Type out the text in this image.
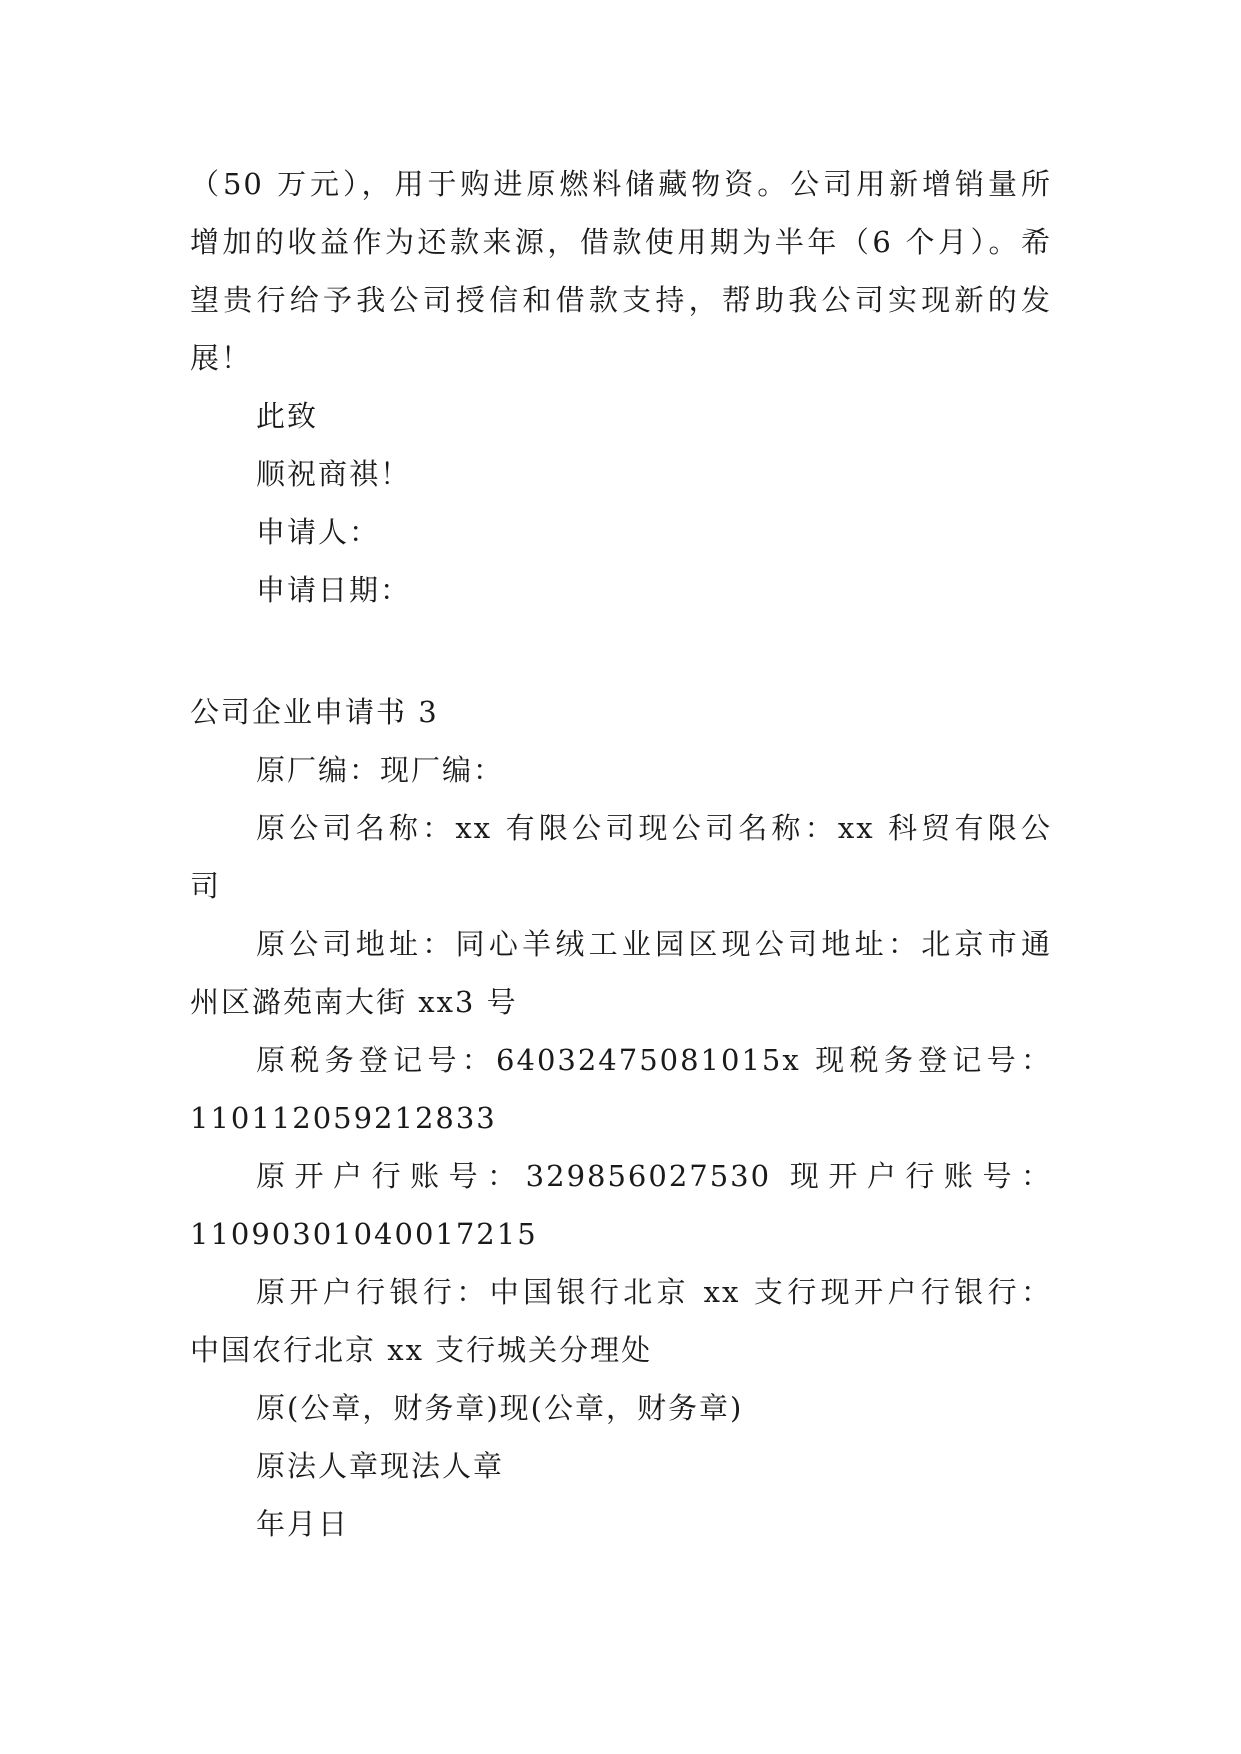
（50 万元），用于购进原燃料储藏物资。公司用新增销量所
增加的收益作为还款来源，借款使用期为半年（6 个月）。希
望贵行给予我公司授信和借款支持，帮助我公司实现新的发
展！
此致
顺祝商祺！
申请人：
申请日期：
公司企业申请书 3
原厂编：现厂编：
原公司名称：xx 有限公司现公司名称：xx 科贸有限公
司
原公司地址：同心羊绒工业园区现公司地址：北京市通
州区潞苑南大街 xx3 号
原税务登记号：64032475081015x 现税务登记号：
110112059212833
原开户行账号：329856027530 现开户行账号：
11090301040017215
原开户行银行：中国银行北京 xx 支行现开户行银行：
中国农行北京 xx 支行城关分理处
原(公章，财务章)现(公章，财务章)
原法人章现法人章
年月日
